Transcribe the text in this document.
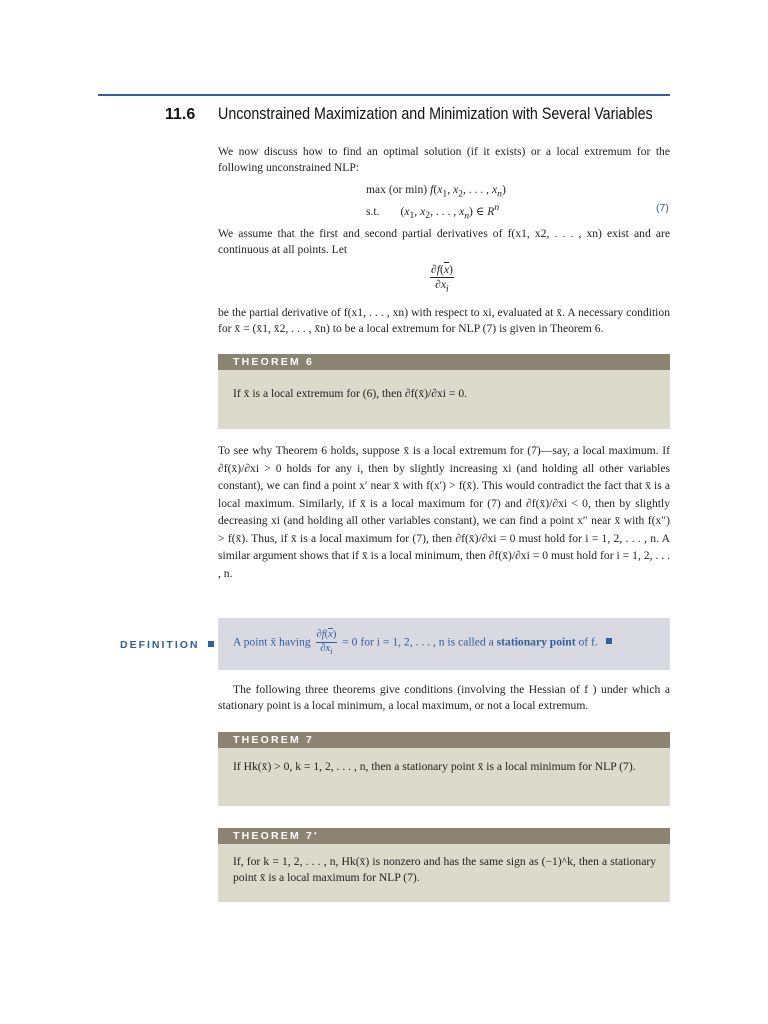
11.6 Unconstrained Maximization and Minimization with Several Variables
We now discuss how to find an optimal solution (if it exists) or a local extremum for the following unconstrained NLP:
max (or min) $f(x_1$, $x_2$, . . . , $x_n$)
s.t. ($x_1$, $x_2$, . . . , $x_n$) ∈ $R^n$	(7)
We assume that the first and second partial derivatives of f(x1, x2, . . . , xn) exist and are continuous at all points. Let
$\frac{\partial f(\overline{x})}{\partial x_i}$
be the partial derivative of f(x1, . . . , xn) with respect to xi, evaluated at x̄. A necessary condition for x̄ = (x̄1, x̄2, . . . , x̄n) to be a local extremum for NLP (7) is given in Theorem 6.
THEOREM 6
If x̄ is a local extremum for (6), then ∂f(x̄)/∂xi = 0.
To see why Theorem 6 holds, suppose x̄ is a local extremum for (7)—say, a local maximum. If ∂f(x̄)/∂xi > 0 holds for any i, then by slightly increasing xi (and holding all other variables constant), we can find a point x′ near x̄ with f(x′) > f(x̄). This would contradict the fact that x̄ is a local maximum. Similarly, if x̄ is a local maximum for (7) and ∂f(x̄)/∂xi < 0, then by slightly decreasing xi (and holding all other variables constant), we can find a point x″ near x̄ with f(x″) > f(x̄). Thus, if x̄ is a local maximum for (7), then ∂f(x̄)/∂xi = 0 must hold for i = 1, 2, . . . , n. A similar argument shows that if x̄ is a local minimum, then ∂f(x̄)/∂xi = 0 must hold for i = 1, 2, . . . , n.
DEFINITION	A point x̄ having $\frac{\partial f(\overline{x})}{\partial x_i} = 0$ for i = 1, 2, . . . , n is called a stationary point of f.
The following three theorems give conditions (involving the Hessian of f ) under which a stationary point is a local minimum, a local maximum, or not a local extremum.
THEOREM 7
If Hk(x̄) > 0, k = 1, 2, . . . , n, then a stationary point x̄ is a local minimum for NLP (7).
THEOREM 7′
If, for k = 1, 2, . . . , n, Hk(x̄) is nonzero and has the same sign as (−1)^k, then a stationary point x̄ is a local maximum for NLP (7).
